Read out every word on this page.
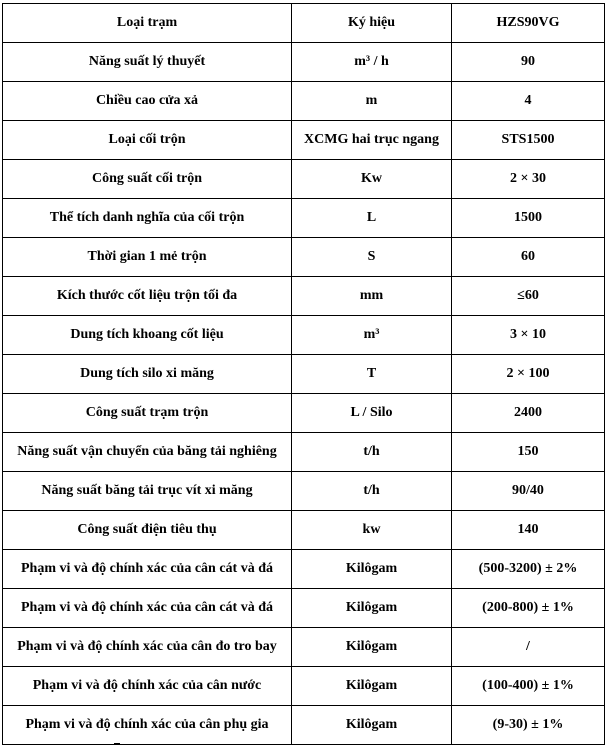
Loại trạm	Ký hiệu	HZS90VG
Năng suất lý thuyết	m³ / h	90
Chiều cao cửa xả	m	4
Loại cối trộn	XCMG hai trục ngang	STS1500
Công suất cối trộn	Kw	2 × 30
Thể tích danh nghĩa của cối trộn	L	1500
Thời gian 1 mẻ trộn	S	60
Kích thước cốt liệu trộn tối đa	mm	≤60
Dung tích khoang cốt liệu	m³	3 × 10
Dung tích silo xi măng	T	2 × 100
Công suất trạm trộn	L / Silo	2400
Năng suất vận chuyển của băng tải nghiêng	t/h	150
Năng suất băng tải trục vít xi măng	t/h	90/40
Công suất điện tiêu thụ	kw	140
Phạm vi và độ chính xác của cân cát và đá	Kilôgam	(500-3200) ± 2%
Phạm vi và độ chính xác của cân cát và đá	Kilôgam	(200-800) ± 1%
Phạm vi và độ chính xác của cân đo tro bay	Kilôgam	/
Phạm vi và độ chính xác của cân nước	Kilôgam	(100-400) ± 1%
Phạm vi và độ chính xác của cân phụ gia	Kilôgam	(9-30) ± 1%
